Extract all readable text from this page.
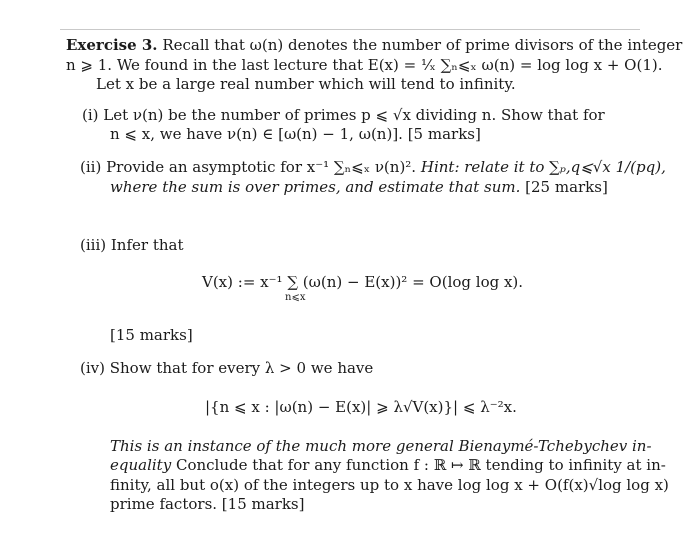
Exercise 3. Recall that ω(n) denotes the number of prime divisors of the integer
n ⩾ 1. We found in the last lecture that E(x) = ¹⁄ₓ ∑ₙ⩽ₓ ω(n) = log log x + O(1).
Let x be a large real number which will tend to infinity.
(i) Let ν(n) be the number of primes p ⩽ √x dividing n. Show that for
n ⩽ x, we have ν(n) ∈ [ω(n) − 1, ω(n)]. [5 marks]
(ii) Provide an asymptotic for x⁻¹ ∑ₙ⩽ₓ ν(n)². Hint: relate it to ∑ₚ,q⩽√x 1/(pq),
where the sum is over primes, and estimate that sum. [25 marks]
(iii) Infer that
V(x) := x⁻¹ ∑ (ω(n) − E(x))² = O(log log x).
n⩽x
[15 marks]
(iv) Show that for every λ > 0 we have
|{n ⩽ x : |ω(n) − E(x)| ⩾ λ√V(x)}| ⩽ λ⁻²x.
This is an instance of the much more general Bienaymé-Tchebychev in-
equality Conclude that for any function f : ℝ ↦ ℝ tending to infinity at in-
finity, all but o(x) of the integers up to x have log log x + O(f(x)√log log x)
prime factors. [15 marks]
